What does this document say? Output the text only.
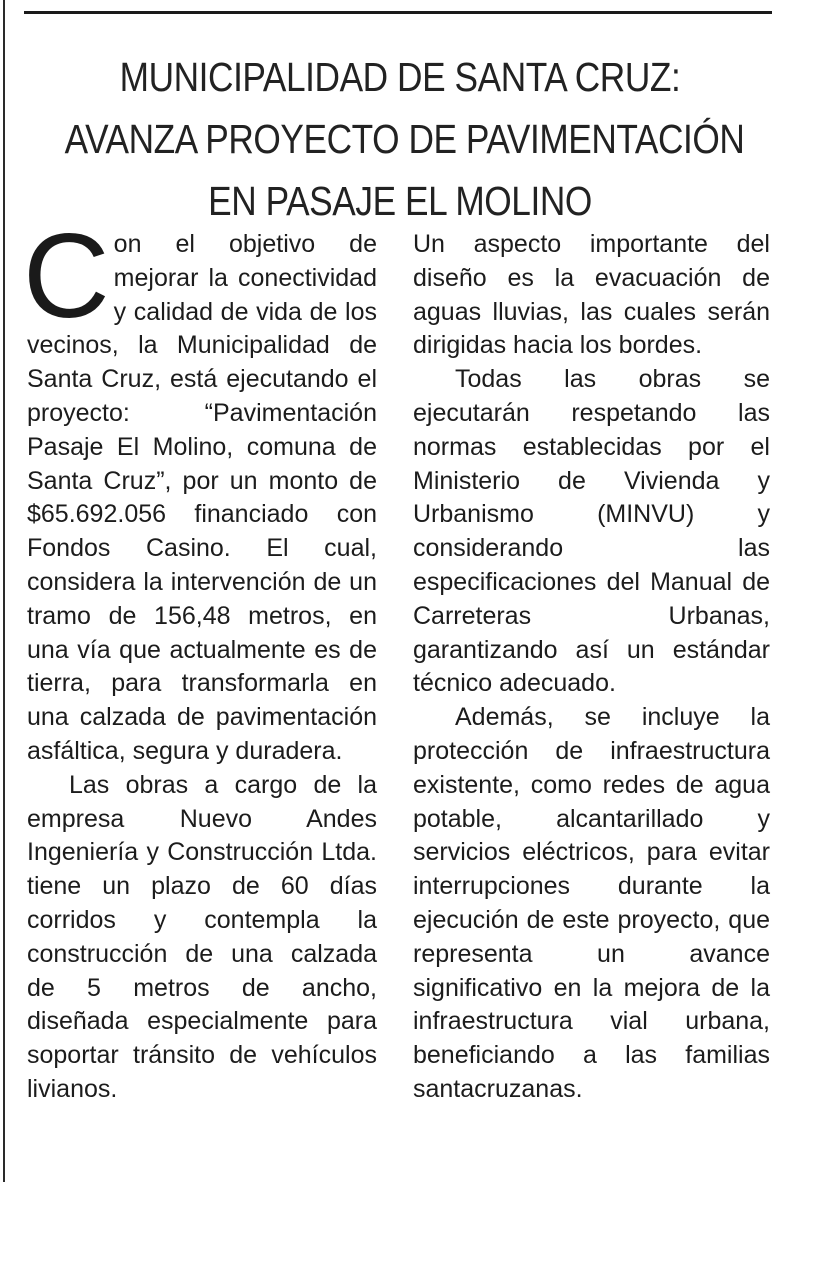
MUNICIPALIDAD DE SANTA CRUZ:
AVANZA PROYECTO DE PAVIMENTACIÓN
EN PASAJE EL MOLINO

Con el objetivo de mejorar la conectividad y calidad de vida de los vecinos, la Municipalidad de Santa Cruz, está ejecutando el proyecto: “Pavimentación Pasaje El Molino, comuna de Santa Cruz”, por un monto de $65.692.056 financiado con Fondos Casino. El cual, considera la intervención de un tramo de 156,48 metros, en una vía que actualmente es de tierra, para transformarla en una calzada de pavimentación asfáltica, segura y duradera.

Las obras a cargo de la empresa Nuevo Andes Ingeniería y Construcción Ltda. tiene un plazo de 60 días corridos y contempla la construcción de una calzada de 5 metros de ancho, diseñada especialmente para soportar tránsito de vehículos livianos.

Un aspecto importante del diseño es la evacuación de aguas lluvias, las cuales serán dirigidas hacia los bordes.

Todas las obras se ejecutarán respetando las normas establecidas por el Ministerio de Vivienda y Urbanismo (MINVU) y considerando las especificaciones del Manual de Carreteras Urbanas, garantizando así un estándar técnico adecuado.

Además, se incluye la protección de infraestructura existente, como redes de agua potable, alcantarillado y servicios eléctricos, para evitar interrupciones durante la ejecución de este proyecto, que representa un avance significativo en la mejora de la infraestructura vial urbana, beneficiando a las familias santacruzanas.
